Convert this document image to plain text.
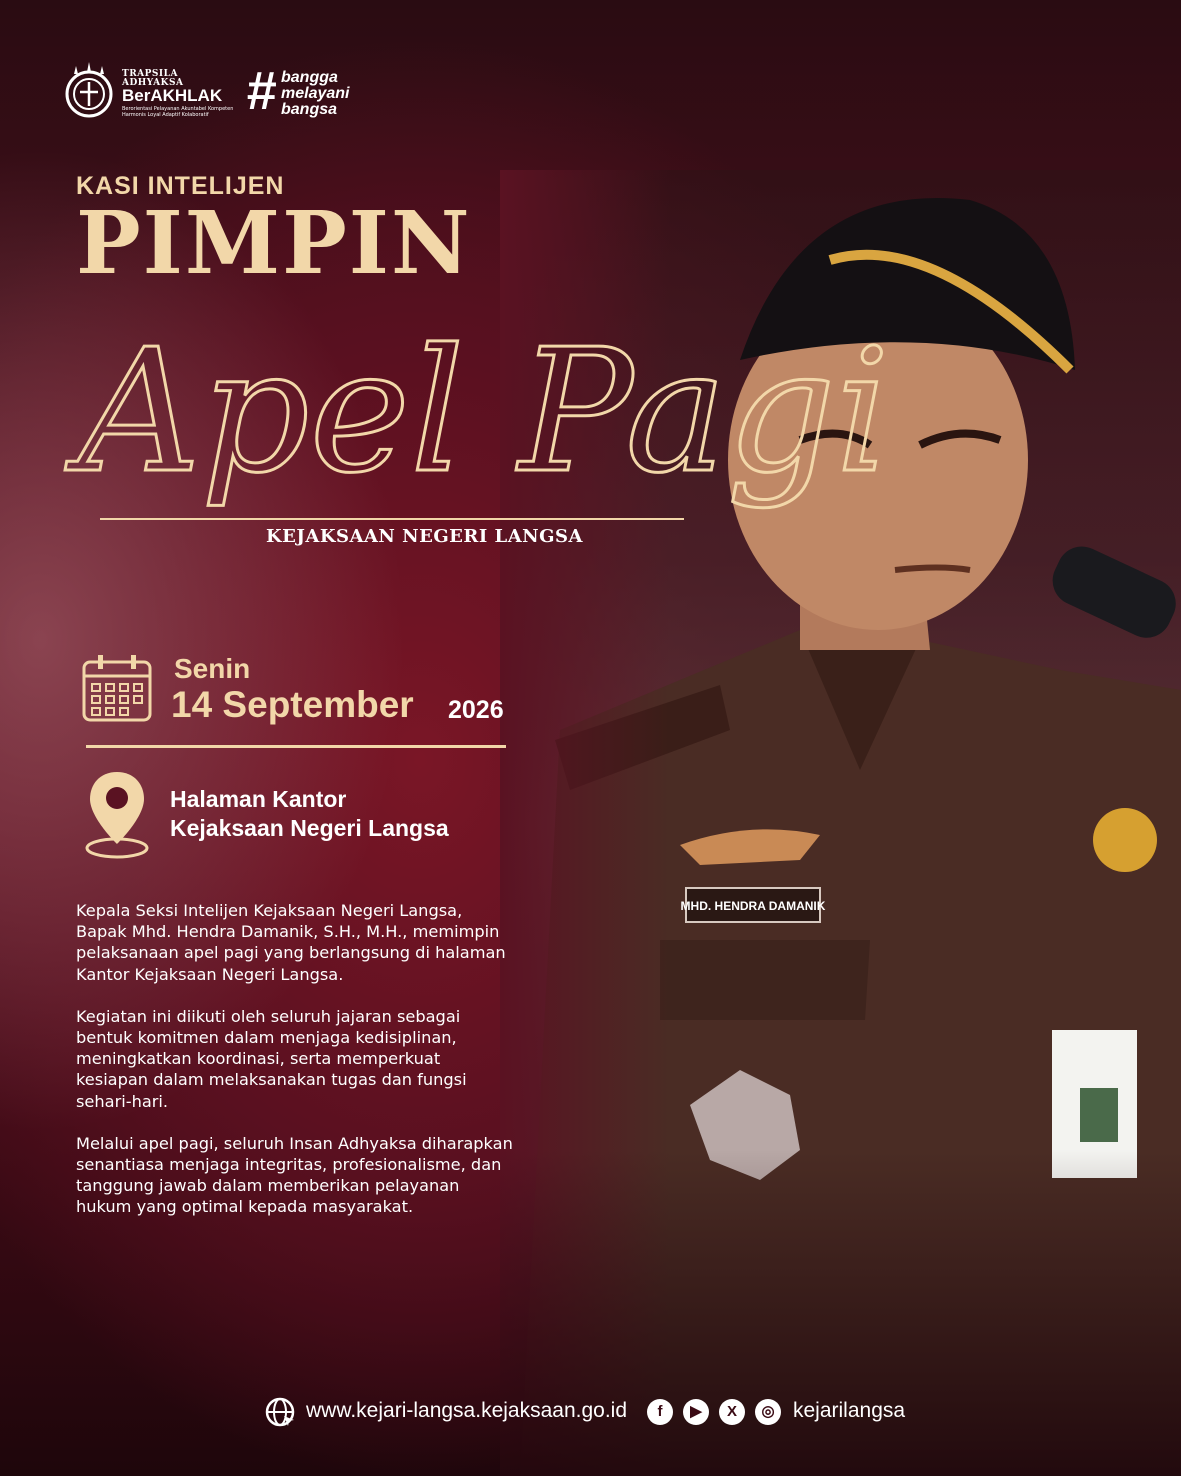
TRAPSILA
ADHYAKSA
BerAKHLAK
Berorientasi Pelayanan Akuntabel Kompeten Harmonis Loyal Adaptif Kolaboratif # bangga
melayani
bangsa
KASI INTELIJEN
PIMPIN
Apel Pagi
KEJAKSAAN NEGERI LANGSA
Senin
14 September 2026
Halaman Kantor
Kejaksaan Negeri Langsa

Kepala Seksi Intelijen Kejaksaan Negeri Langsa, Bapak Mhd. Hendra Damanik, S.H., M.H., memimpin pelaksanaan apel pagi yang berlangsung di halaman Kantor Kejaksaan Negeri Langsa.

Kegiatan ini diikuti oleh seluruh jajaran sebagai bentuk komitmen dalam menjaga kedisiplinan, meningkatkan koordinasi, serta memperkuat kesiapan dalam melaksanakan tugas dan fungsi sehari-hari.

Melalui apel pagi, seluruh Insan Adhyaksa diharapkan senantiasa menjaga integritas, profesionalisme, dan tanggung jawab dalam memberikan pelayanan hukum yang optimal kepada masyarakat.

www.kejari-langsa.kejaksaan.go.id	f	▶	X	◎ kejarilangsa
